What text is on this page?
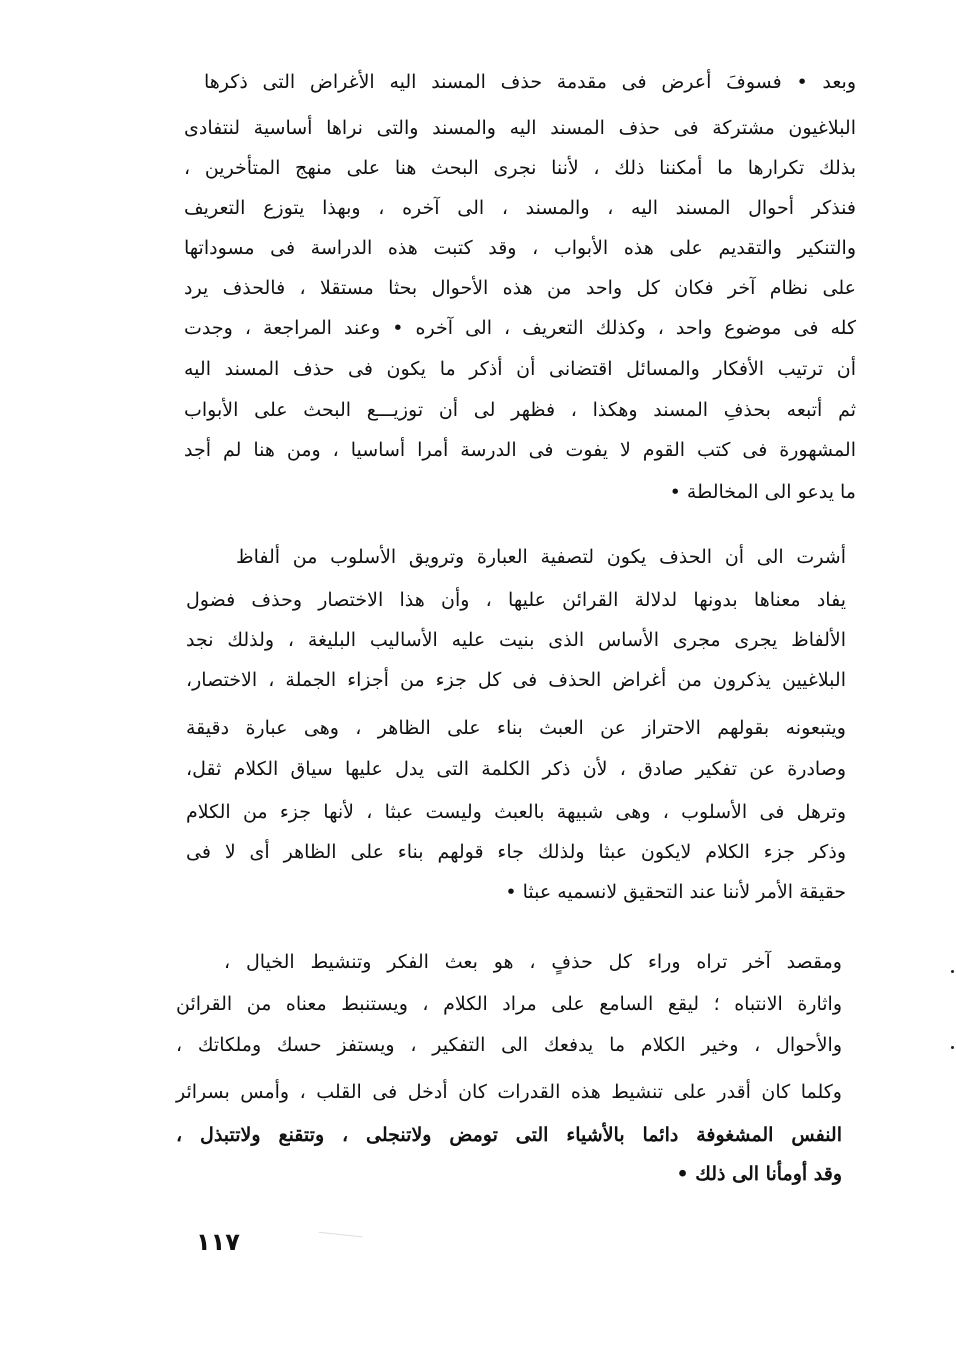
وبعد • فسوفَ أعرض فى مقدمة حذف المسند اليه الأغراض التى ذكرها
البلاغيون مشتركة فى حذف المسند اليه والمسند والتى نراها أساسية لنتفادى
بذلك تكرارها ما أمكننا ذلك ، لأننا نجرى البحث هنا على منهج المتأخرين ،
فنذكر أحوال المسند اليه ، والمسند ، الى آخره ، وبهذا يتوزع التعريف
والتنكير والتقديم على هذه الأبواب ، وقد كتبت هذه الدراسة فى مسوداتها
على نظام آخر فكان كل واحد من هذه الأحوال بحثا مستقلا ، فالحذف يرد
كله فى موضوع واحد ، وكذلك التعريف ، الى آخره • وعند المراجعة ، وجدت
أن ترتيب الأفكار والمسائل اقتضانى أن أذكر ما يكون فى حذف المسند اليه
ثم أتبعه بحذفِ المسند وهكذا ، فظهر لى أن توزيـــع البحث على الأبواب
المشهورة فى كتب القوم لا يفوت فى الدرسة أمرا أساسيا ، ومن هنا لم أجد
ما يدعو الى المخالطة •
أشرت الى أن الحذف يكون لتصفية العبارة وترويق الأسلوب من ألفاظ
يفاد معناها بدونها لدلالة القرائن عليها ، وأن هذا الاختصار وحذف فضول
الألفاظ يجرى مجرى الأساس الذى بنيت عليه الأساليب البليغة ، ولذلك نجد
البلاغيين يذكرون من أغراض الحذف فى كل جزء من أجزاء الجملة ، الاختصار،
ويتبعونه بقولهم الاحتراز عن العبث بناء على الظاهر ، وهى عبارة دقيقة
وصادرة عن تفكير صادق ، لأن ذكر الكلمة التى يدل عليها سياق الكلام ثقل،
وترهل فى الأسلوب ، وهى شبيهة بالعبث وليست عبثا ، لأنها جزء من الكلام
وذكر جزء الكلام لايكون عبثا ولذلك جاء قولهم بناء على الظاهر أى لا فى
حقيقة الأمر لأننا عند التحقيق لانسميه عبثا •
ومقصد آخر تراه وراء كل حذفٍ ، هو بعث الفكر وتنشيط الخيال ،
واثارة الانتباه ؛ ليقع السامع على مراد الكلام ، ويستنبط معناه من القرائن
والأحوال ، وخير الكلام ما يدفعك الى التفكير ، ويستفز حسك وملكاتك ،
وكلما كان أقدر على تنشيط هذه القدرات كان أدخل فى القلب ، وأمس بسرائر
النفس المشغوفة دائما بالأشياء التى تومض ولاتنجلى ، وتتقنع ولاتتبذل ،
وقد أومأنا الى ذلك •
١١٧
